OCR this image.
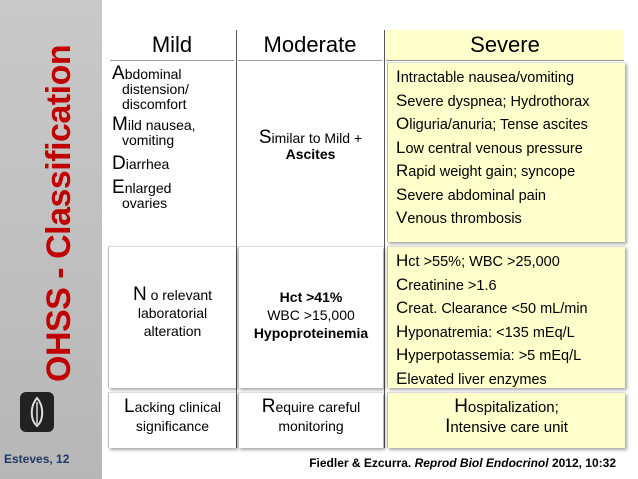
OHSS - Classification
Esteves, 12
Mild	Moderate	Severe
Abdominal
distension/
discomfort
Mild nausea,
vomiting
Diarrhea
Enlarged
ovaries
Similar to Mild +
Ascites
Intractable nausea/vomiting
Severe dyspnea; Hydrothorax
Oliguria/anuria; Tense ascites
Low central venous pressure
Rapid weight gain; syncope
Severe abdominal pain
Venous thrombosis
N o relevant
laboratorial
alteration
Hct >41%
WBC >15,000
Hypoproteinemia
Hct >55%; WBC >25,000
Creatinine >1.6
Creat. Clearance <50 mL/min
Hyponatremia: <135 mEq/L
Hyperpotassemia: >5 mEq/L
Elevated liver enzymes
Lacking clinical
significance
Require careful
monitoring
Hospitalization;
Intensive care unit
Fiedler & Ezcurra. Reprod Biol Endocrinol 2012, 10:32
